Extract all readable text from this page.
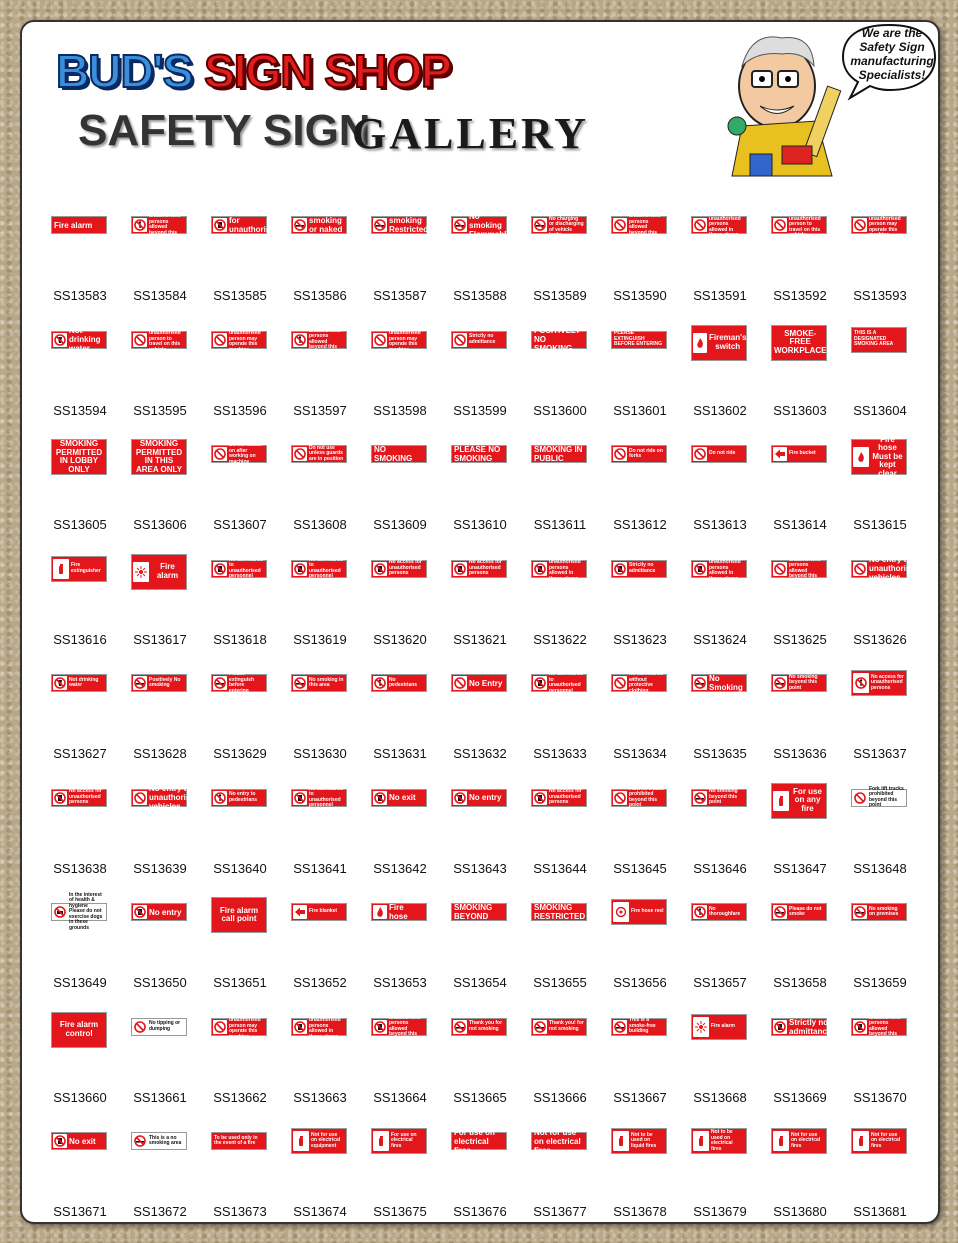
BUD'S SIGN SHOP
SAFETY SIGN
GALLERY
We are the Safety Sign manufacturing Specialists!
Fire alarm
SS13583
No unauthorised persons allowed beyond this point
SS13584
No access for unauthorised persons
SS13585
No smoking or naked lights
SS13586
No smoking Restricted area
SS13587
No smoking Flammable
SS13588
No smoking No charging or discharging of vehicle tanks
SS13589
No unauthorised persons allowed beyond this point
SS13590
No unauthorised persons allowed in these stores
SS13591
No unauthorised person to travel on this vehicle
SS13592
No unauthorised person may operate this machine
SS13593
Not drinking water
SS13594
No unauthorised person to travel on this vehicle
SS13595
No unauthorised person may operate this machine
SS13596
No unauthorised persons allowed beyond this point
SS13597
No unauthorised person may operate this machine
SS13598
Strictly no admittance
SS13599
POSITIVELY NO SMOKING
SS13600
PLEASE EXTINGUISH BEFORE ENTERING
SS13601
Fireman's switch
SS13602
SMOKE-FREE WORKPLACE
SS13603
THIS IS A DESIGNATED SMOKING AREA
SS13604
SMOKING PERMITTED IN LOBBY ONLY
SS13605
SMOKING PERMITTED IN THIS AREA ONLY
SS13606
Do not switch on after working on machine
SS13607
Do not use unless guards are in position
SS13608
NO SMOKING
SS13609
PLEASE NO SMOKING
SS13610
NO SMOKING IN PUBLIC AREAS
SS13611
Do not ride on forks
SS13612
Do not ride
SS13613
Fire bucket
SS13614
Fire hose Must be kept clear
SS13615
Fire extinguisher
SS13616
Fire alarm
SS13617
No admittance to unauthorised personnel
SS13618
No admittance to unauthorised personnel
SS13619
No access for unauthorised persons
SS13620
No access for unauthorised persons
SS13621
No unauthorised persons allowed in these stores
SS13622
Strictly no admittance
SS13623
No unauthorised persons allowed in these stores
SS13624
No unauthorised persons allowed beyond this point
SS13625
No entry to unauthorised vehicles
SS13626
Not drinking water
SS13627
Positively No smoking
SS13628
Please extinguish before entering
SS13629
No smoking in this area
SS13630
No pedestrians
SS13631
No Entry
SS13632
No admittance to unauthorised personnel
SS13633
No admittance without protective clothing
SS13634
No Smoking
SS13635
No smoking beyond this point
SS13636
No access for unauthorised persons
SS13637
No access for unauthorised persons
SS13638
No entry to unauthorised vehicles
SS13639
No entry to pedestrians
SS13640
No admittance to unauthorised personnel
SS13641
No exit
SS13642
No entry
SS13643
No access for unauthorised persons
SS13644
Fork lift trucks prohibited beyond this point
SS13645
No smoking beyond this point
SS13646
For use on any fire
SS13647
Fork lift trucks prohibited beyond this point
SS13648
In the interest of health & hygiene Please do not exercise dogs in these grounds
SS13649
No entry
SS13650
Fire alarm call point
SS13651
Fire blanket
SS13652
Fire hose
SS13653
NO SMOKING BEYOND THIS AREA
SS13654
NO SMOKING RESTRICTED AREA
SS13655
Fire hose reel
SS13656
No thoroughfare
SS13657
Please do not smoke
SS13658
No smoking on premises
SS13659
Fire alarm control
SS13660
No tipping or dumping
SS13661
No unauthorised person may operate this machine
SS13662
No unauthorised persons allowed in these stores
SS13663
No unauthorised persons allowed beyond this point
SS13664
Thank you for not smoking
SS13665
Thank you! for not smoking
SS13666
This is a smoke-free building
SS13667
Fire alarm
SS13668
Strictly no admittance
SS13669
No unauthorised persons allowed beyond this point
SS13670
No exit
SS13671
This is a no smoking area
SS13672
To be used only in the event of a fire
SS13673
Not for use on electrical equipment
SS13674
For use on electrical fires
SS13675
For use on electrical fires
SS13676
Not for use on electrical fires
SS13677
Not to be used on liquid fires
SS13678
Not to be used on electrical fires
SS13679
Not for use on electrical fires
SS13680
Not for use on electrical fires
SS13681
